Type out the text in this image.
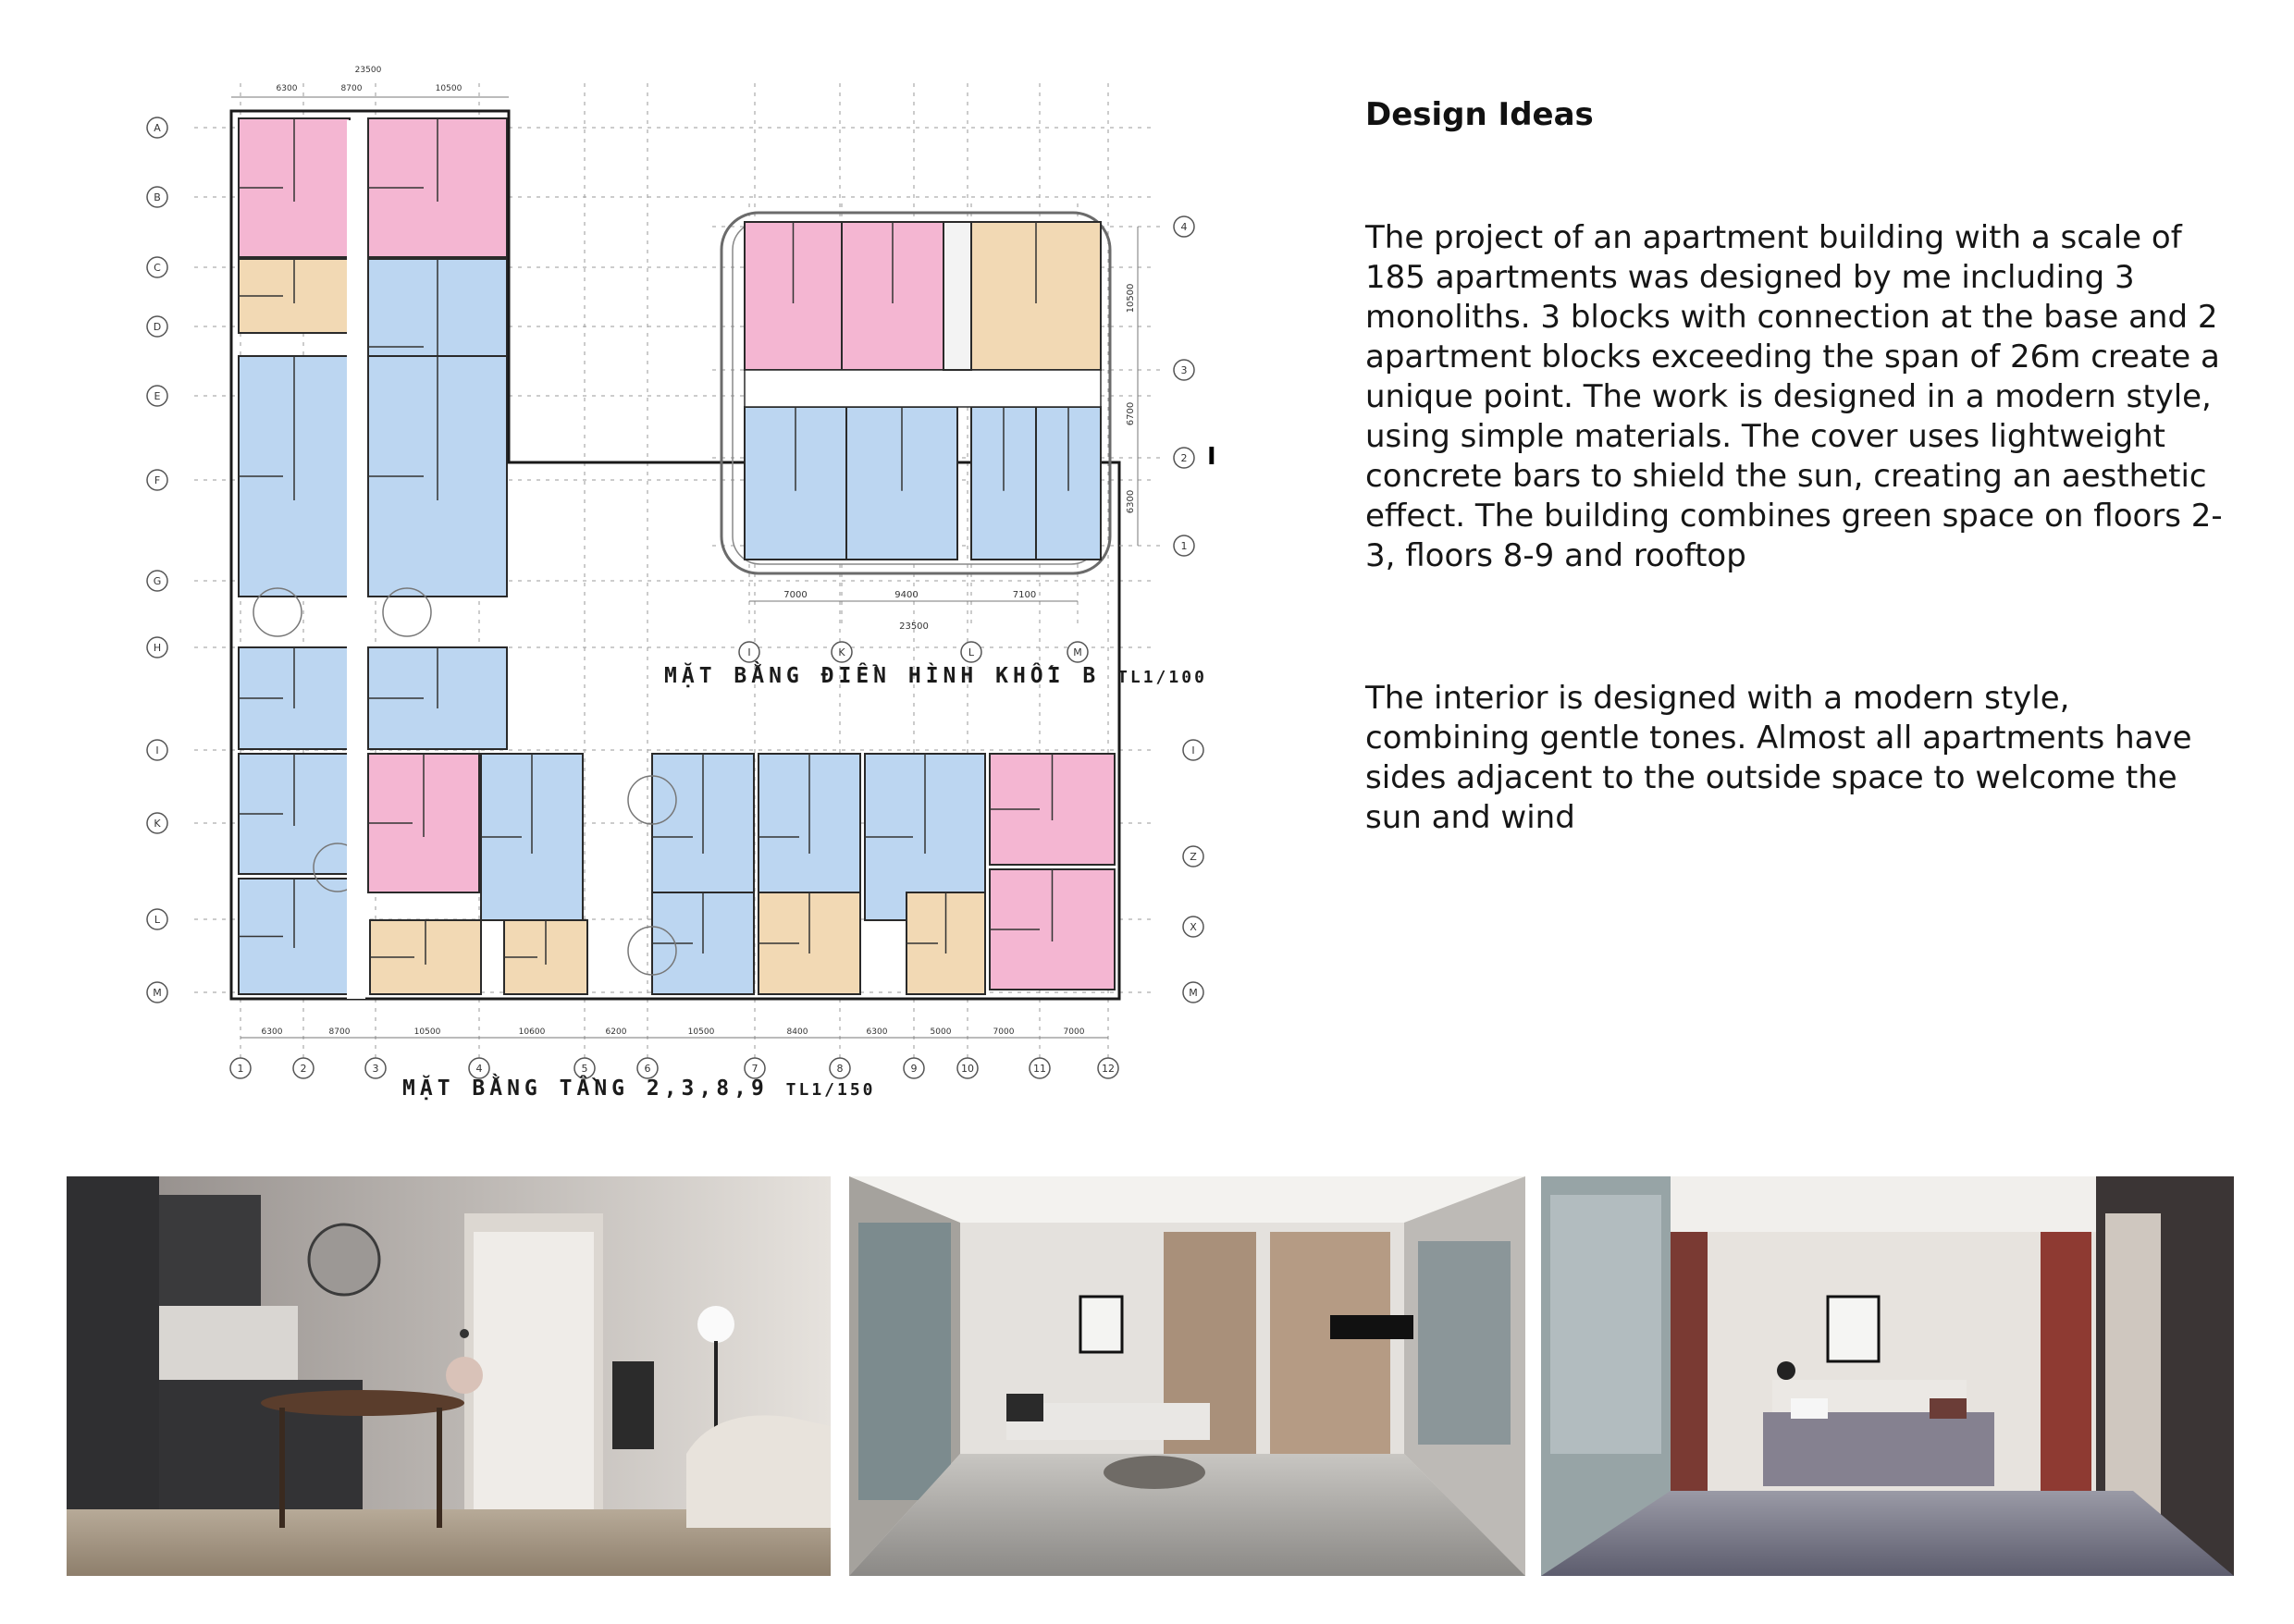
A
B
C
D
E
F
G
H
I
K
L
M
1	2	3	4	5	6	7	8	9	10	11	12
I
Z
X
M
23500
6300	8700	10500
6300	8700	10500	10600	6200	10500	8400	6300	5000	7000	7000
MẶT BẰNG TẦNG 2,3,8,9 TL1/150
4
3
2
1
I	K	L	M
7000	9400	7100
23500
10500
6700
6300
I
MẶT BẰNG ĐIỂN HÌNH KHỐI B TL1/100
Design Ideas
The project of an apartment building with a scale of 185 apartments was designed by me including 3 monoliths. 3 blocks with connection at the base and 2 apartment blocks exceeding the span of 26m create a unique point. The work is designed in a modern style, using simple materials. The cover uses lightweight concrete bars to shield the sun, creating an aesthetic effect. The building combines green space on floors 2-3, floors 8-9 and rooftop
The interior is designed with a modern style, combining gentle tones. Almost all apartments have sides adjacent to the outside space to welcome the sun and wind
